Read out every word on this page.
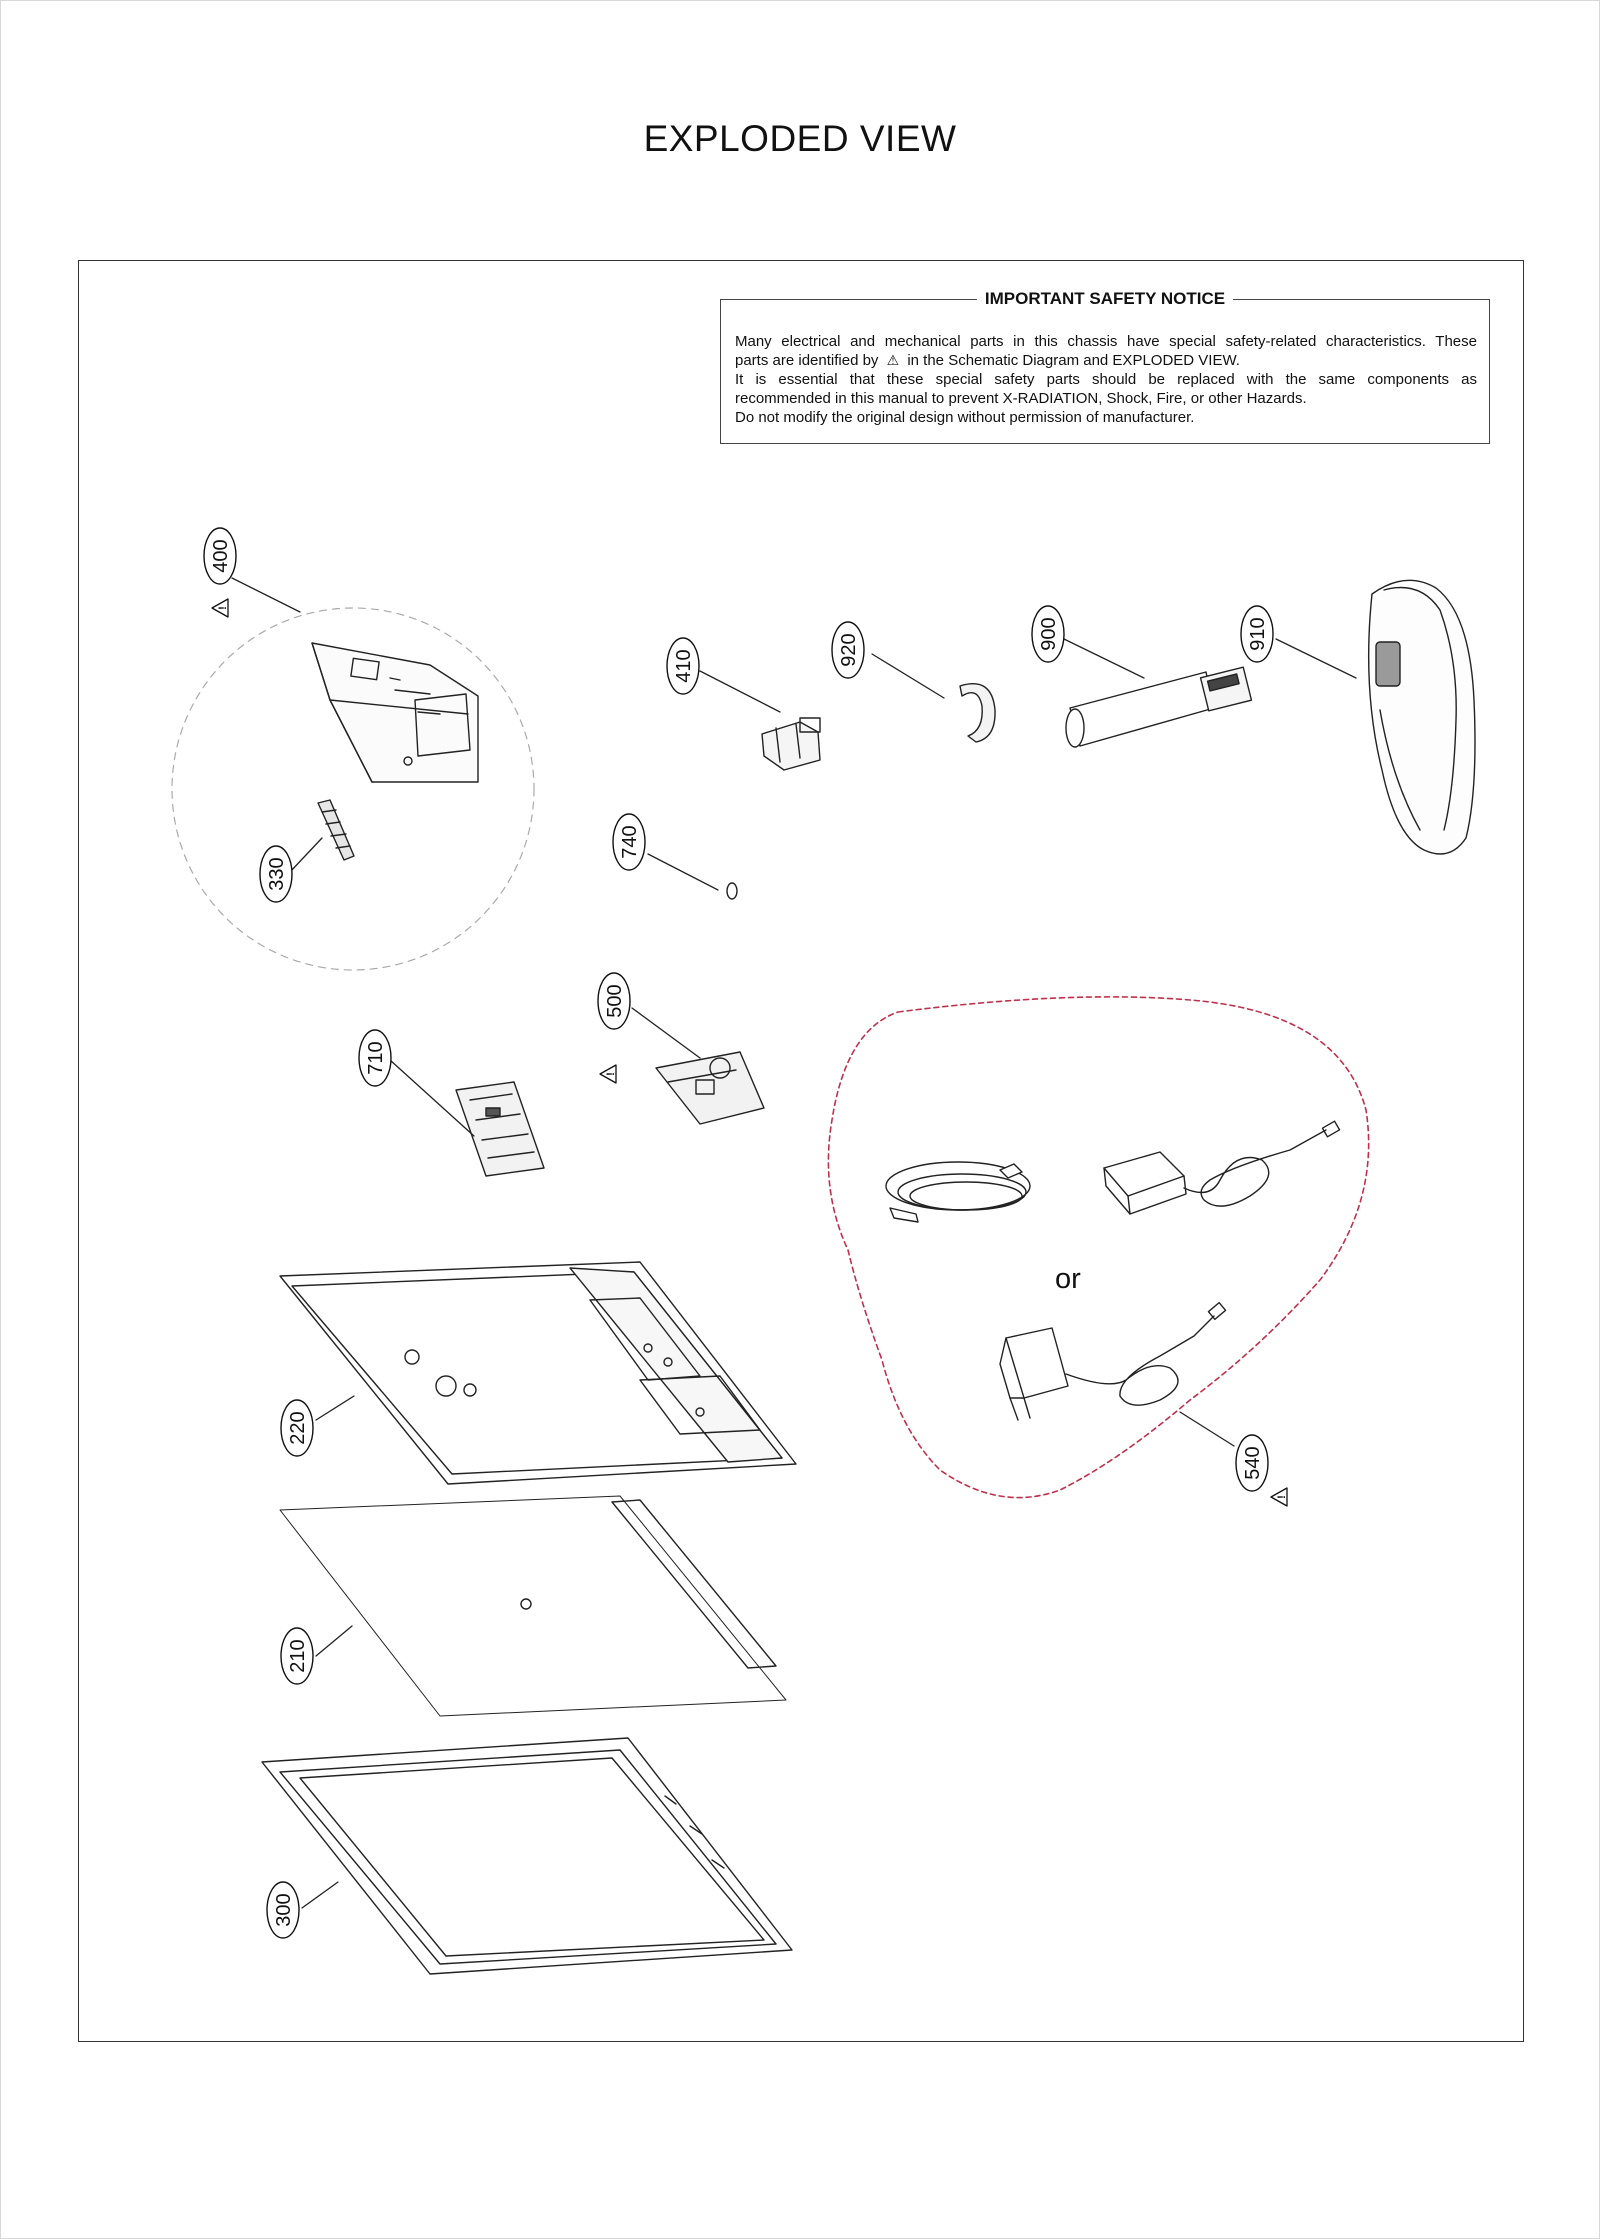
EXPLODED VIEW
IMPORTANT SAFETY NOTICE

Many electrical and mechanical parts in this chassis have special safety-related characteristics. These

parts are identified by ⚠ in the Schematic Diagram and EXPLODED VIEW.

It is essential that these special safety parts should be replaced with the same components as

recommended in this manual to prevent X-RADIATION, Shock, Fire, or other Hazards.

Do not modify the original design without permission of manufacturer.

or
400
330
410	920	900	910
740
500
710
220
210
300
540
!
!
!
